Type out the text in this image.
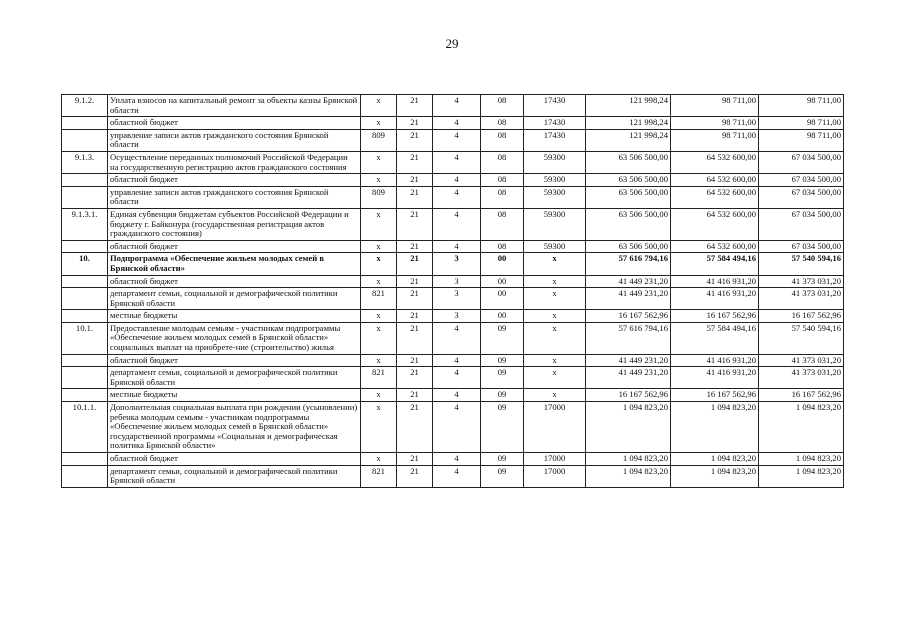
29
9.1.2.	Уплата взносов на капитальный ремонт за объекты казны Брянской области	х	21	4	08	17430	121 998,24	98 711,00	98 711,00
	областной бюджет	х	21	4	08	17430	121 998,24	98 711,00	98 711,00
	управление записи актов гражданского состояния Брянской области	809	21	4	08	17430	121 998,24	98 711,00	98 711,00
9.1.3.	Осуществление переданных полномочий Российской Федерации на государственную регистрацию актов гражданского состояния	х	21	4	08	59300	63 506 500,00	64 532 600,00	67 034 500,00
	областной бюджет	х	21	4	08	59300	63 506 500,00	64 532 600,00	67 034 500,00
	управление записи актов гражданского состояния Брянской области	809	21	4	08	59300	63 506 500,00	64 532 600,00	67 034 500,00
9.1.3.1.	Единая субвенция бюджетам субъектов Российской Федерации и бюджету г. Байконура (государственная регистрация актов гражданского состояния)	х	21	4	08	59300	63 506 500,00	64 532 600,00	67 034 500,00
	областной бюджет	х	21	4	08	59300	63 506 500,00	64 532 600,00	67 034 500,00
10.	Подпрограмма «Обеспечение жильем молодых семей в Брянской области»	х	21	3	00	х	57 616 794,16	57 584 494,16	57 540 594,16
	областной бюджет	х	21	3	00	х	41 449 231,20	41 416 931,20	41 373 031,20
	департамент семьи, социальной и демографической политики Брянской области	821	21	3	00	х	41 449 231,20	41 416 931,20	41 373 031,20
	местные бюджеты	х	21	3	00	х	16 167 562,96	16 167 562,96	16 167 562,96
10.1.	Предоставление молодым семьям - участникам подпрограммы «Обеспечение жильем молодых семей в Брянской области» социальных выплат на приобрете-ние (строительство) жилья	х	21	4	09	х	57 616 794,16	57 584 494,16	57 540 594,16
	областной бюджет	х	21	4	09	х	41 449 231,20	41 416 931,20	41 373 031,20
	департамент семьи, социальной и демографической политики Брянской области	821	21	4	09	х	41 449 231,20	41 416 931,20	41 373 031,20
	местные бюджеты	х	21	4	09	х	16 167 562,96	16 167 562,96	16 167 562,96
10.1.1.	Дополнительная социальная выплата при рождении (усыновлении) ребенка молодым семьям - участникам подпрограммы «Обеспечение жильем молодых семей в Брянской области» государственной программы «Социальная и демографическая политика Брянской области»	х	21	4	09	17000	1 094 823,20	1 094 823,20	1 094 823,20
	областной бюджет	х	21	4	09	17000	1 094 823,20	1 094 823,20	1 094 823,20
	департамент семьи, социальной и демографической политики Брянской области	821	21	4	09	17000	1 094 823,20	1 094 823,20	1 094 823,20
